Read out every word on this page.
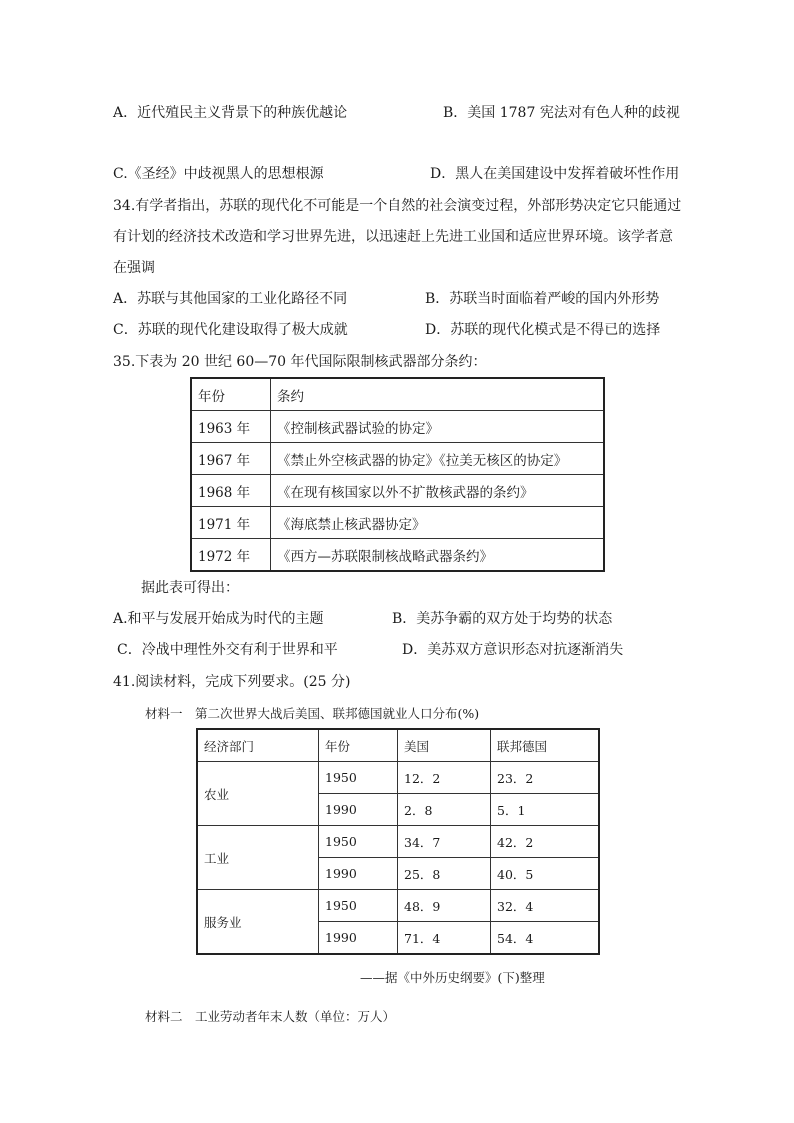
A．近代殖民主义背景下的种族优越论	B．美国 1787 宪法对有色人种的歧视
C.《圣经》中歧视黑人的思想根源	D．黑人在美国建设中发挥着破坏性作用
34.有学者指出，苏联的现代化不可能是一个自然的社会演变过程，外部形势决定它只能通过
有计划的经济技术改造和学习世界先进，以迅速赶上先进工业国和适应世界环境。该学者意
在强调
A．苏联与其他国家的工业化路径不同	B．苏联当时面临着严峻的国内外形势
C．苏联的现代化建设取得了极大成就	D．苏联的现代化模式是不得已的选择
35.下表为 20 世纪 60—70 年代国际限制核武器部分条约：
年份	条约
1963 年	《控制核武器试验的协定》
1967 年	《禁止外空核武器的协定》《拉美无核区的协定》
1968 年	《在现有核国家以外不扩散核武器的条约》
1971 年	《海底禁止核武器协定》
1972 年	《西方—苏联限制核战略武器条约》
据此表可得出：
A.和平与发展开始成为时代的主题	B．美苏争霸的双方处于均势的状态
C．冷战中理性外交有利于世界和平	D．美苏双方意识形态对抗逐渐消失
41.阅读材料，完成下列要求。(25 分)
材料一　第二次世界大战后美国、联邦德国就业人口分布(%)
经济部门	年份	美国	联邦德国
农业	1950	12．2	23．2
	1990	2．8	5．1
工业	1950	34．7	42．2
	1990	25．8	40．5
服务业	1950	48．9	32．4
	1990	71．4	54．4
——据《中外历史纲要》(下)整理
材料二　工业劳动者年末人数（单位：万人）
